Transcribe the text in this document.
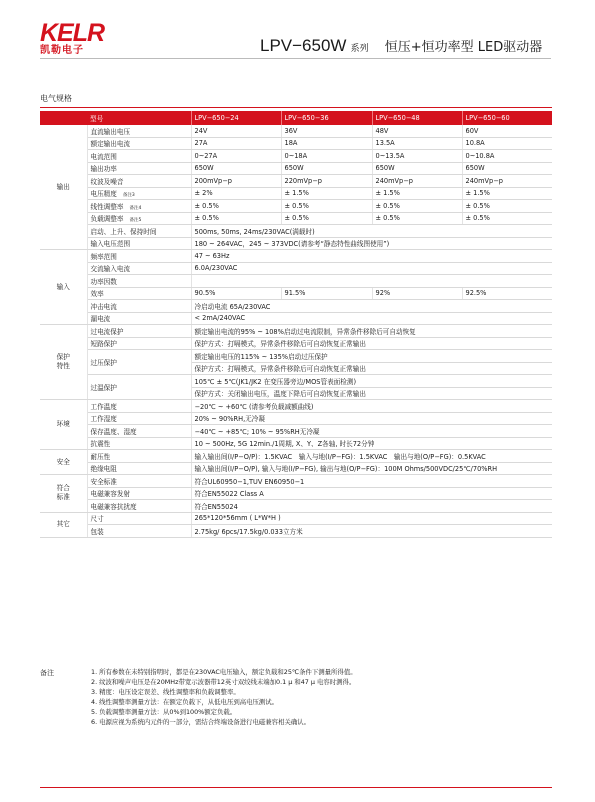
KELR
凯勒电子	LPV−650W 系列 恒压+恒功率型 LED驱动器
电气规格
	型号	LPV−650−24	LPV−650−36	LPV−650−48	LPV−650−60
输出	直流输出电压	24V	36V	48V	60V
	额定输出电流	27A	18A	13.5A	10.8A
	电流范围	0~27A	0~18A	0~13.5A	0~10.8A
	输出功率	650W	650W	650W	650W
	纹波及噪音	200mVp−p	220mVp−p	240mVp−p	240mVp−p
	电压精度 备注3	± 2%	± 1.5%	± 1.5%	± 1.5%
	线性调整率 备注4	± 0.5%	± 0.5%	± 0.5%	± 0.5%
	负载调整率 备注5	± 0.5%	± 0.5%	± 0.5%	± 0.5%
	启动、上升、保持时间	500ms, 50ms, 24ms/230VAC(满载时)			
	输入电压范围	180 ~ 264VAC，245 ~ 373VDC(请参考“静态特性曲线图使用”)			
输入	频率范围	47 ~ 63Hz			
	交流输入电流	6.0A/230VAC			
	功率因数				
	效率	90.5%	91.5%	92%	92.5%
	冲击电流	冷启动电流 65A/230VAC			
	漏电流	< 2mA/240VAC			
保护
特性	过电流保护	额定输出电流的95% ~ 108%启动过电流限制，异常条件移除后可自动恢复			
	短路保护	保护方式：打嗝模式，异常条件移除后可自动恢复正常输出			
	过压保护	额定输出电压的115% ~ 135%启动过压保护			
		保护方式：打嗝模式，异常条件移除后可自动恢复正常输出			
	过温保护	105℃ ± 5℃(JK1/JK2 在变压器旁边/MOS管表面检测)			
		保护方式：关闭输出电压，温度下降后可自动恢复正常输出			
环境	工作温度	−20℃ ~ +60℃ (请参考负载减额曲线)			
	工作湿度	20% ~ 90%RH,无冷凝			
	保存温度、湿度	−40℃ ~ +85℃; 10% ~ 95%RH无冷凝			
	抗震性	10 ~ 500Hz, 5G 12min./1周期, X、Y、Z各轴, 时长72分钟			
安全	耐压性	输入输出间(I/P−O/P)：1.5KVAC　输入与地(I/P−FG)：1.5KVAC　输出与地(O/P−FG)：0.5KVAC			
	绝缘电阻	输入输出间(I/P−O/P), 输入与地(I/P−FG), 输出与地(O/P−FG)：100M Ohms/500VDC/25℃/70%RH			
符合
标准	安全标准	符合UL60950−1,TUV EN60950−1			
	电磁兼容发射	符合EN55022 Class A			
	电磁兼容抗扰度	符合EN55024			
其它	尺寸	265*120*56mm ( L*W*H )			
	包装	2.75kg/ 6pcs/17.5kg/0.033立方米			
备注	1. 所有参数在未特别指明时，都是在230VAC电压输入，额定负载和25℃条件下测量所得值。
2. 纹波和噪声电压是在20MHz带宽示波器带12英寸双绞线末端加0.1 μ 和47 μ 电容时测得。
3. 精度：电压设定误差、线性调整率和负载调整率。
4. 线性调整率测量方法：在额定负载下，从低电压到高电压测试。
5. 负载调整率测量方法：从0%到100%额定负载。
6. 电源应视为系统内元件的一部分，需结合终端设备进行电磁兼容相关确认。
